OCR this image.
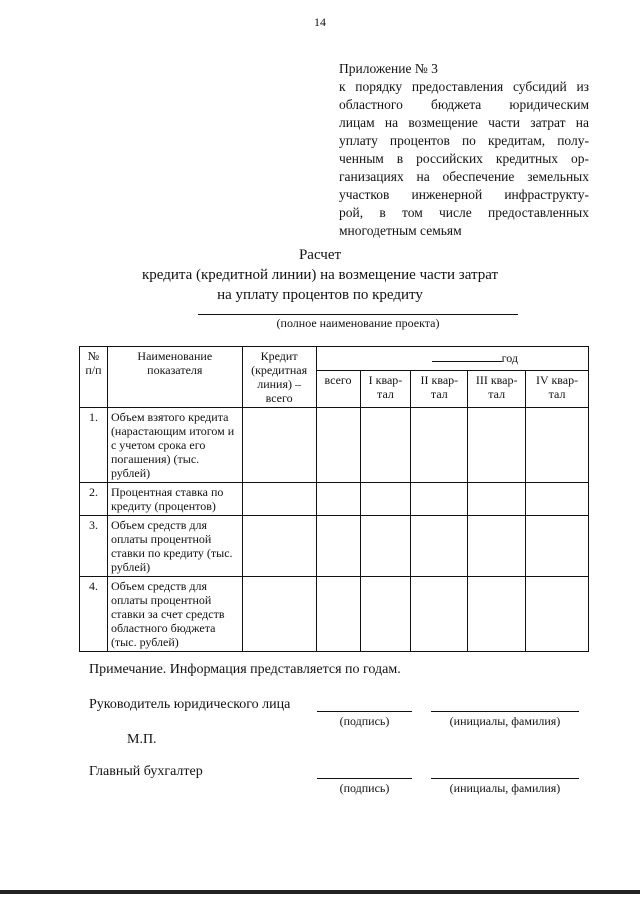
14
Приложение № 3
к порядку предоставления субсидий из
областного бюджета юридическим
лицам на возмещение части затрат на
уплату процентов по кредитам, полу-
ченным в российских кредитных ор-
ганизациях на обеспечение земельных
участков инженерной инфраструкту-
рой, в том числе предоставленных
многодетным семьям
Расчет
кредита (кредитной линии) на возмещение части затрат
на уплату процентов по кредиту
(полное наименование проекта)
№ п/п	Наименование показателя	Кредит (кредитная линия) – всего	год				
			всего	I квар-тал	II квар-тал	III квар-тал	IV квар-тал
1.	Объем взятого кредита (нарастающим итогом и с учетом срока его погашения) (тыс. рублей)						
2.	Процентная ставка по кредиту (процентов)						
3.	Объем средств для оплаты процентной ставки по кредиту (тыс. рублей)						
4.	Объем средств для оплаты процентной ставки за счет средств областного бюджета (тыс. рублей)						
Примечание. Информация представляется по годам.
Руководитель юридического лица
(подпись)	(инициалы, фамилия)
М.П.
Главный бухгалтер
(подпись)	(инициалы, фамилия)
